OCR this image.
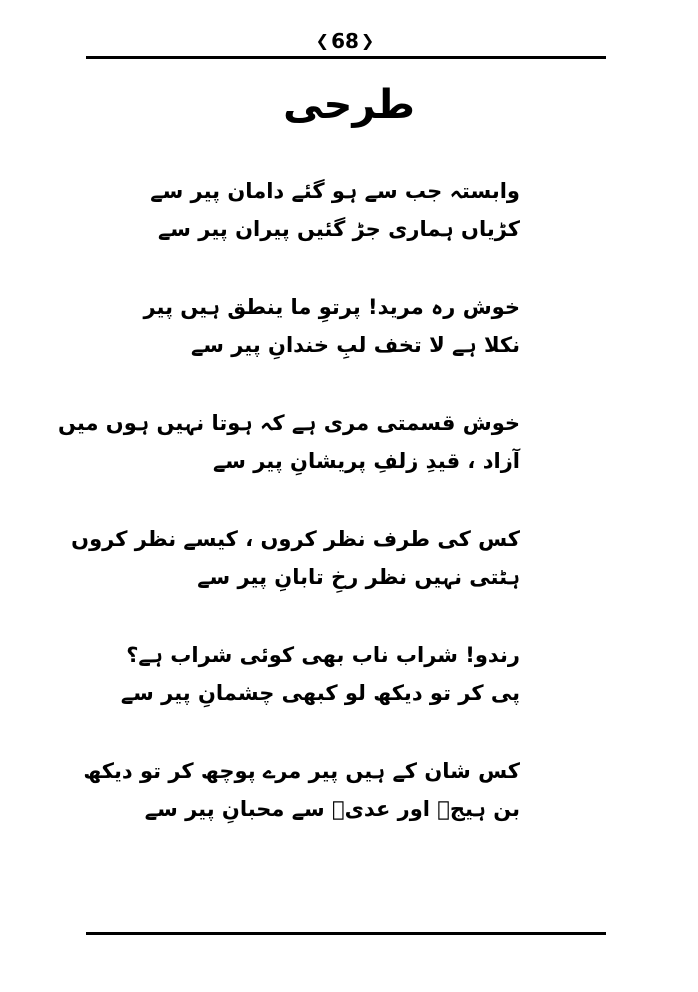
❮ 68 ❯
طرحی
وابستہ جب سے ہو گئے دامان پیر سے
کڑیاں ہماری جڑ گئیں پیران پیر سے
خوش رہ مرید! پرتوِ ما ینطق ہیں پیر
نکلا ہے لا تخف لبِ خندانِ پیر سے
خوش قسمتی مری ہے کہ ہوتا نہیں ہوں میں
آزاد ، قیدِ زلفِ پریشانِ پیر سے
کس کی طرف نظر کروں ، کیسے نظر کروں
ہٹتی نہیں نظر رخِ تابانِ پیر سے
رندو! شراب ناب بھی کوئی شراب ہے؟
پی کر تو دیکھ لو کبھی چشمانِ پیر سے
کس شان کے ہیں پیر مرے پوچھ کر تو دیکھ
بن ہیجؓ اور عدیؓ سے محبانِ پیر سے
